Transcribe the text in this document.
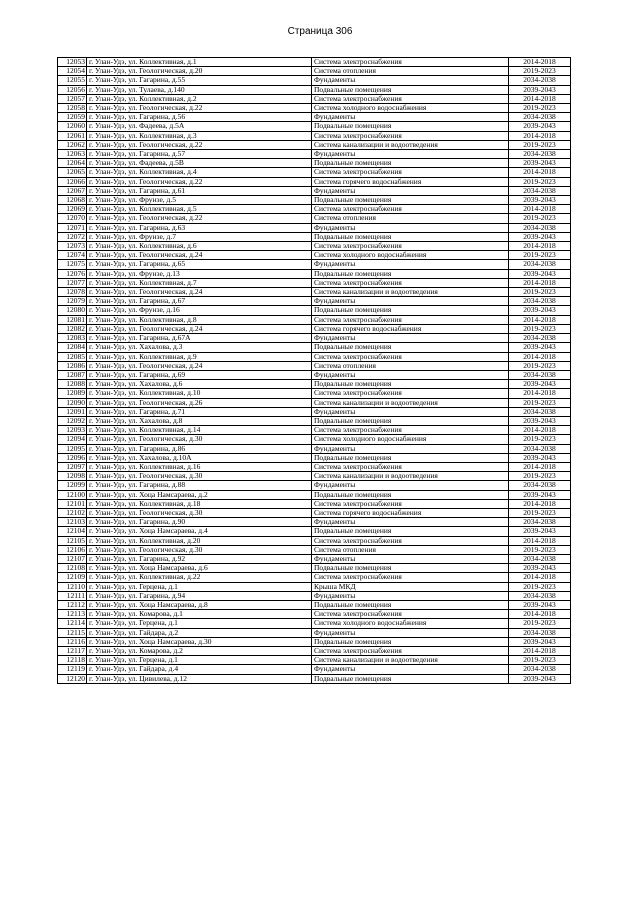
Страница 306
12053	г. Улан-Удэ, ул. Коллективная, д.1	Система электроснабжения	2014-2018
12054	г. Улан-Удэ, ул. Геологическая, д.20	Система отопления	2019-2023
12055	г. Улан-Удэ, ул. Гагарина, д.55	Фундаменты	2034-2038
12056	г. Улан-Удэ, ул. Тулаева, д.140	Подвальные помещения	2039-2043
12057	г. Улан-Удэ, ул. Коллективная, д.2	Система электроснабжения	2014-2018
12058	г. Улан-Удэ, ул. Геологическая, д.22	Система холодного водоснабжения	2019-2023
12059	г. Улан-Удэ, ул. Гагарина, д.56	Фундаменты	2034-2038
12060	г. Улан-Удэ, ул. Фадеева, д.5А	Подвальные помещения	2039-2043
12061	г. Улан-Удэ, ул. Коллективная, д.3	Система электроснабжения	2014-2018
12062	г. Улан-Удэ, ул. Геологическая, д.22	Система канализации и водоотведения	2019-2023
12063	г. Улан-Удэ, ул. Гагарина, д.57	Фундаменты	2034-2038
12064	г. Улан-Удэ, ул. Фадеева, д.5В	Подвальные помещения	2039-2043
12065	г. Улан-Удэ, ул. Коллективная, д.4	Система электроснабжения	2014-2018
12066	г. Улан-Удэ, ул. Геологическая, д.22	Система горячего водоснабжения	2019-2023
12067	г. Улан-Удэ, ул. Гагарина, д.61	Фундаменты	2034-2038
12068	г. Улан-Удэ, ул. Фрунзе, д.5	Подвальные помещения	2039-2043
12069	г. Улан-Удэ, ул. Коллективная, д.5	Система электроснабжения	2014-2018
12070	г. Улан-Удэ, ул. Геологическая, д.22	Система отопления	2019-2023
12071	г. Улан-Удэ, ул. Гагарина, д.63	Фундаменты	2034-2038
12072	г. Улан-Удэ, ул. Фрунзе, д.7	Подвальные помещения	2039-2043
12073	г. Улан-Удэ, ул. Коллективная, д.6	Система электроснабжения	2014-2018
12074	г. Улан-Удэ, ул. Геологическая, д.24	Система холодного водоснабжения	2019-2023
12075	г. Улан-Удэ, ул. Гагарина, д.65	Фундаменты	2034-2038
12076	г. Улан-Удэ, ул. Фрунзе, д.13	Подвальные помещения	2039-2043
12077	г. Улан-Удэ, ул. Коллективная, д.7	Система электроснабжения	2014-2018
12078	г. Улан-Удэ, ул. Геологическая, д.24	Система канализации и водоотведения	2019-2023
12079	г. Улан-Удэ, ул. Гагарина, д.67	Фундаменты	2034-2038
12080	г. Улан-Удэ, ул. Фрунзе, д.16	Подвальные помещения	2039-2043
12081	г. Улан-Удэ, ул. Коллективная, д.8	Система электроснабжения	2014-2018
12082	г. Улан-Удэ, ул. Геологическая, д.24	Система горячего водоснабжения	2019-2023
12083	г. Улан-Удэ, ул. Гагарина, д.67А	Фундаменты	2034-2038
12084	г. Улан-Удэ, ул. Хахалова, д.3	Подвальные помещения	2039-2043
12085	г. Улан-Удэ, ул. Коллективная, д.9	Система электроснабжения	2014-2018
12086	г. Улан-Удэ, ул. Геологическая, д.24	Система отопления	2019-2023
12087	г. Улан-Удэ, ул. Гагарина, д.69	Фундаменты	2034-2038
12088	г. Улан-Удэ, ул. Хахалова, д.6	Подвальные помещения	2039-2043
12089	г. Улан-Удэ, ул. Коллективная, д.10	Система электроснабжения	2014-2018
12090	г. Улан-Удэ, ул. Геологическая, д.26	Система канализации и водоотведения	2019-2023
12091	г. Улан-Удэ, ул. Гагарина, д.71	Фундаменты	2034-2038
12092	г. Улан-Удэ, ул. Хахалова, д.8	Подвальные помещения	2039-2043
12093	г. Улан-Удэ, ул. Коллективная, д.14	Система электроснабжения	2014-2018
12094	г. Улан-Удэ, ул. Геологическая, д.30	Система холодного водоснабжения	2019-2023
12095	г. Улан-Удэ, ул. Гагарина, д.86	Фундаменты	2034-2038
12096	г. Улан-Удэ, ул. Хахалова, д.10А	Подвальные помещения	2039-2043
12097	г. Улан-Удэ, ул. Коллективная, д.16	Система электроснабжения	2014-2018
12098	г. Улан-Удэ, ул. Геологическая, д.30	Система канализации и водоотведения	2019-2023
12099	г. Улан-Удэ, ул. Гагарина, д.88	Фундаменты	2034-2038
12100	г. Улан-Удэ, ул. Хоца Намсараева, д.2	Подвальные помещения	2039-2043
12101	г. Улан-Удэ, ул. Коллективная, д.18	Система электроснабжения	2014-2018
12102	г. Улан-Удэ, ул. Геологическая, д.30	Система горячего водоснабжения	2019-2023
12103	г. Улан-Удэ, ул. Гагарина, д.90	Фундаменты	2034-2038
12104	г. Улан-Удэ, ул. Хоца Намсараева, д.4	Подвальные помещения	2039-2043
12105	г. Улан-Удэ, ул. Коллективная, д.20	Система электроснабжения	2014-2018
12106	г. Улан-Удэ, ул. Геологическая, д.30	Система отопления	2019-2023
12107	г. Улан-Удэ, ул. Гагарина, д.92	Фундаменты	2034-2038
12108	г. Улан-Удэ, ул. Хоца Намсараева, д.6	Подвальные помещения	2039-2043
12109	г. Улан-Удэ, ул. Коллективная, д.22	Система электроснабжения	2014-2018
12110	г. Улан-Удэ, ул. Герцена, д.1	Крыша МКД	2019-2023
12111	г. Улан-Удэ, ул. Гагарина, д.94	Фундаменты	2034-2038
12112	г. Улан-Удэ, ул. Хоца Намсараева, д.8	Подвальные помещения	2039-2043
12113	г. Улан-Удэ, ул. Комарова, д.1	Система электроснабжения	2014-2018
12114	г. Улан-Удэ, ул. Герцена, д.1	Система холодного водоснабжения	2019-2023
12115	г. Улан-Удэ, ул. Гайдара, д.2	Фундаменты	2034-2038
12116	г. Улан-Удэ, ул. Хоца Намсараева, д.30	Подвальные помещения	2039-2043
12117	г. Улан-Удэ, ул. Комарова, д.2	Система электроснабжения	2014-2018
12118	г. Улан-Удэ, ул. Герцена, д.1	Система канализации и водоотведения	2019-2023
12119	г. Улан-Удэ, ул. Гайдара, д.4	Фундаменты	2034-2038
12120	г. Улан-Удэ, ул. Цивилева, д.12	Подвальные помещения	2039-2043
